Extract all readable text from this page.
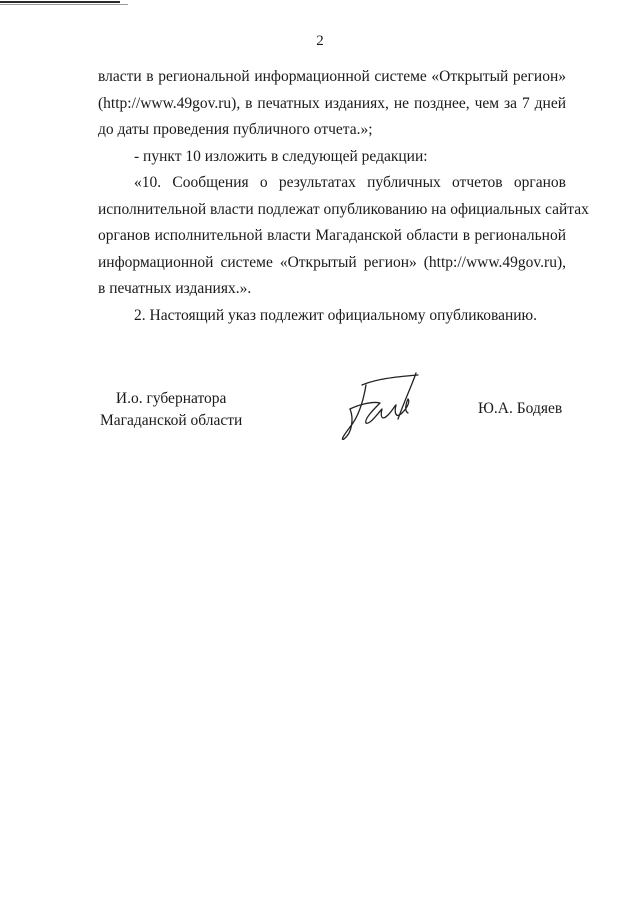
2

власти в региональной информационной системе «Открытый регион»
(http://www.49gov.ru), в печатных изданиях, не позднее, чем за 7 дней
до даты проведения публичного отчета.»;

- пункт 10 изложить в следующей редакции:

«10. Сообщения о результатах публичных отчетов органов
исполнительной власти подлежат опубликованию на официальных сайтах
органов исполнительной власти Магаданской области в региональной
информационной системе «Открытый регион» (http://www.49gov.ru),
в печатных изданиях.».

2. Настоящий указ подлежит официальному опубликованию.

И.о. губернатора
Магаданской области
Ю.А. Бодяев
